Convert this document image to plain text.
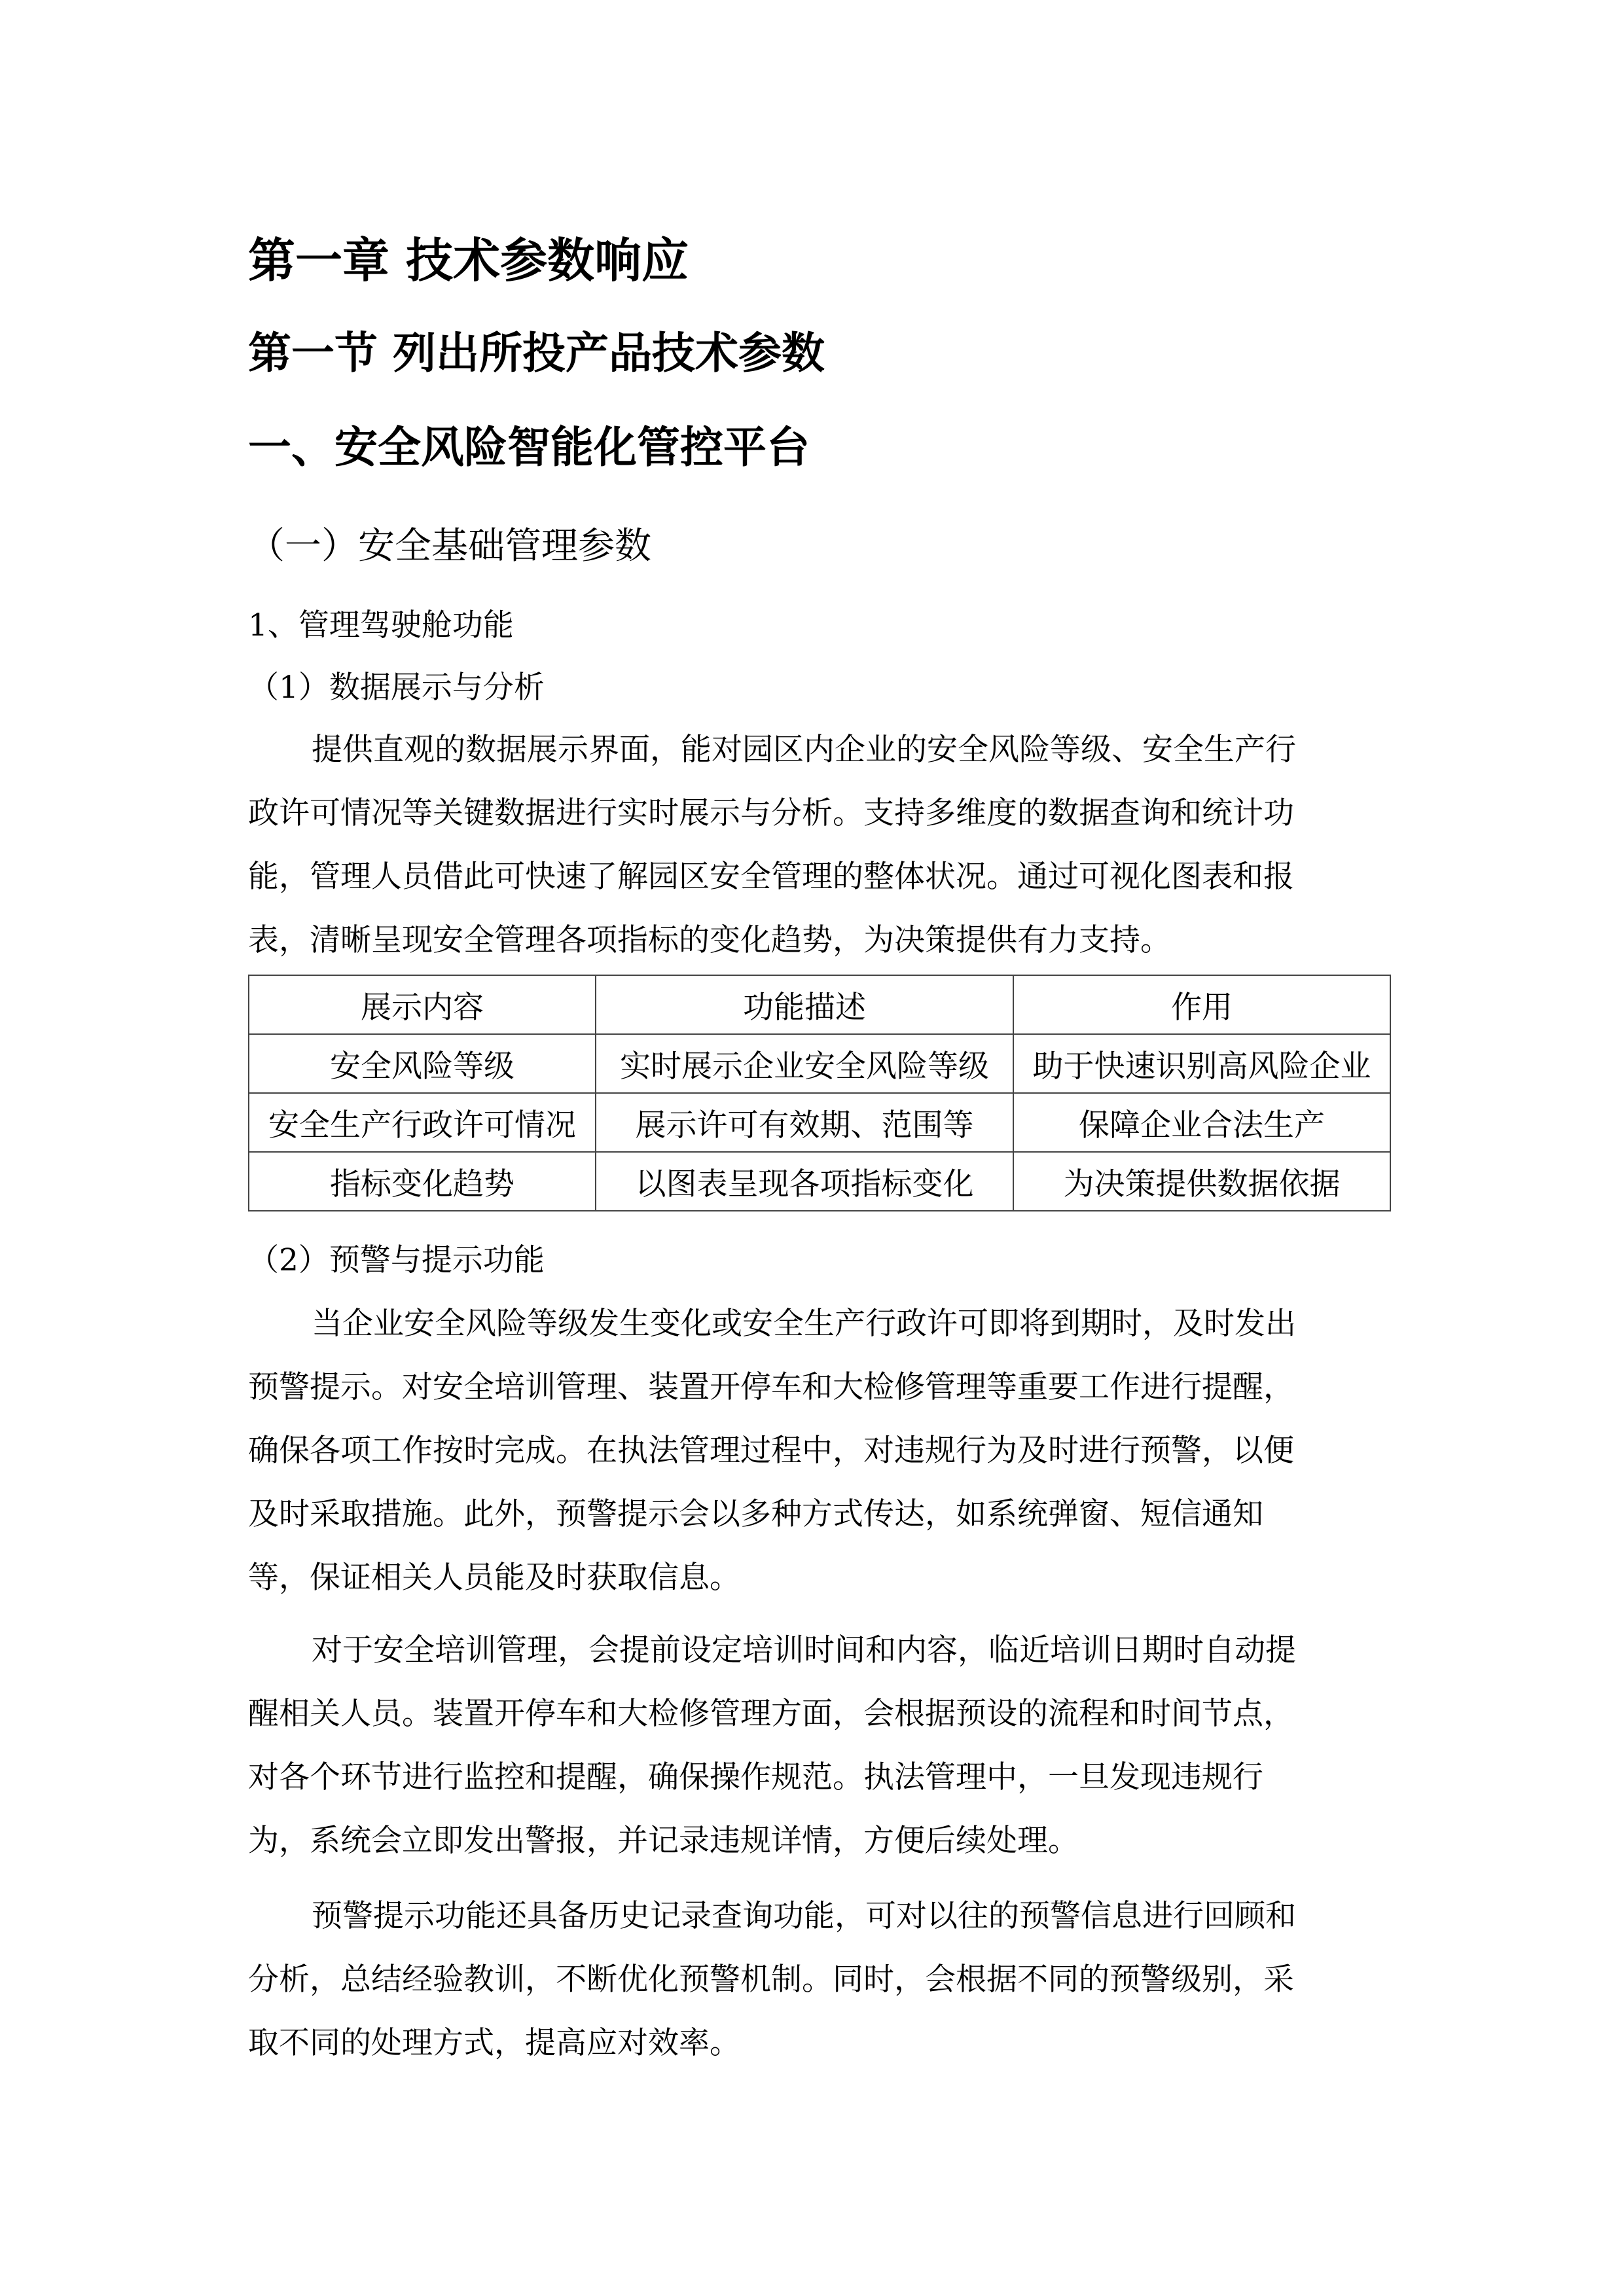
第一章 技术参数响应
第一节 列出所投产品技术参数
一、安全风险智能化管控平台
（一）安全基础管理参数
1、管理驾驶舱功能
（1）数据展示与分析
提供直观的数据展示界面，能对园区内企业的安全风险等级、安全生产行
政许可情况等关键数据进行实时展示与分析。支持多维度的数据查询和统计功
能，管理人员借此可快速了解园区安全管理的整体状况。通过可视化图表和报
表，清晰呈现安全管理各项指标的变化趋势，为决策提供有力支持。
展示内容	功能描述	作用
安全风险等级	实时展示企业安全风险等级	助于快速识别高风险企业
安全生产行政许可情况	展示许可有效期、范围等	保障企业合法生产
指标变化趋势	以图表呈现各项指标变化	为决策提供数据依据
（2）预警与提示功能
当企业安全风险等级发生变化或安全生产行政许可即将到期时，及时发出
预警提示。对安全培训管理、装置开停车和大检修管理等重要工作进行提醒，
确保各项工作按时完成。在执法管理过程中，对违规行为及时进行预警，以便
及时采取措施。此外，预警提示会以多种方式传达，如系统弹窗、短信通知
等，保证相关人员能及时获取信息。
对于安全培训管理，会提前设定培训时间和内容，临近培训日期时自动提
醒相关人员。装置开停车和大检修管理方面，会根据预设的流程和时间节点，
对各个环节进行监控和提醒，确保操作规范。执法管理中，一旦发现违规行
为，系统会立即发出警报，并记录违规详情，方便后续处理。
预警提示功能还具备历史记录查询功能，可对以往的预警信息进行回顾和
分析，总结经验教训，不断优化预警机制。同时，会根据不同的预警级别，采
取不同的处理方式，提高应对效率。
